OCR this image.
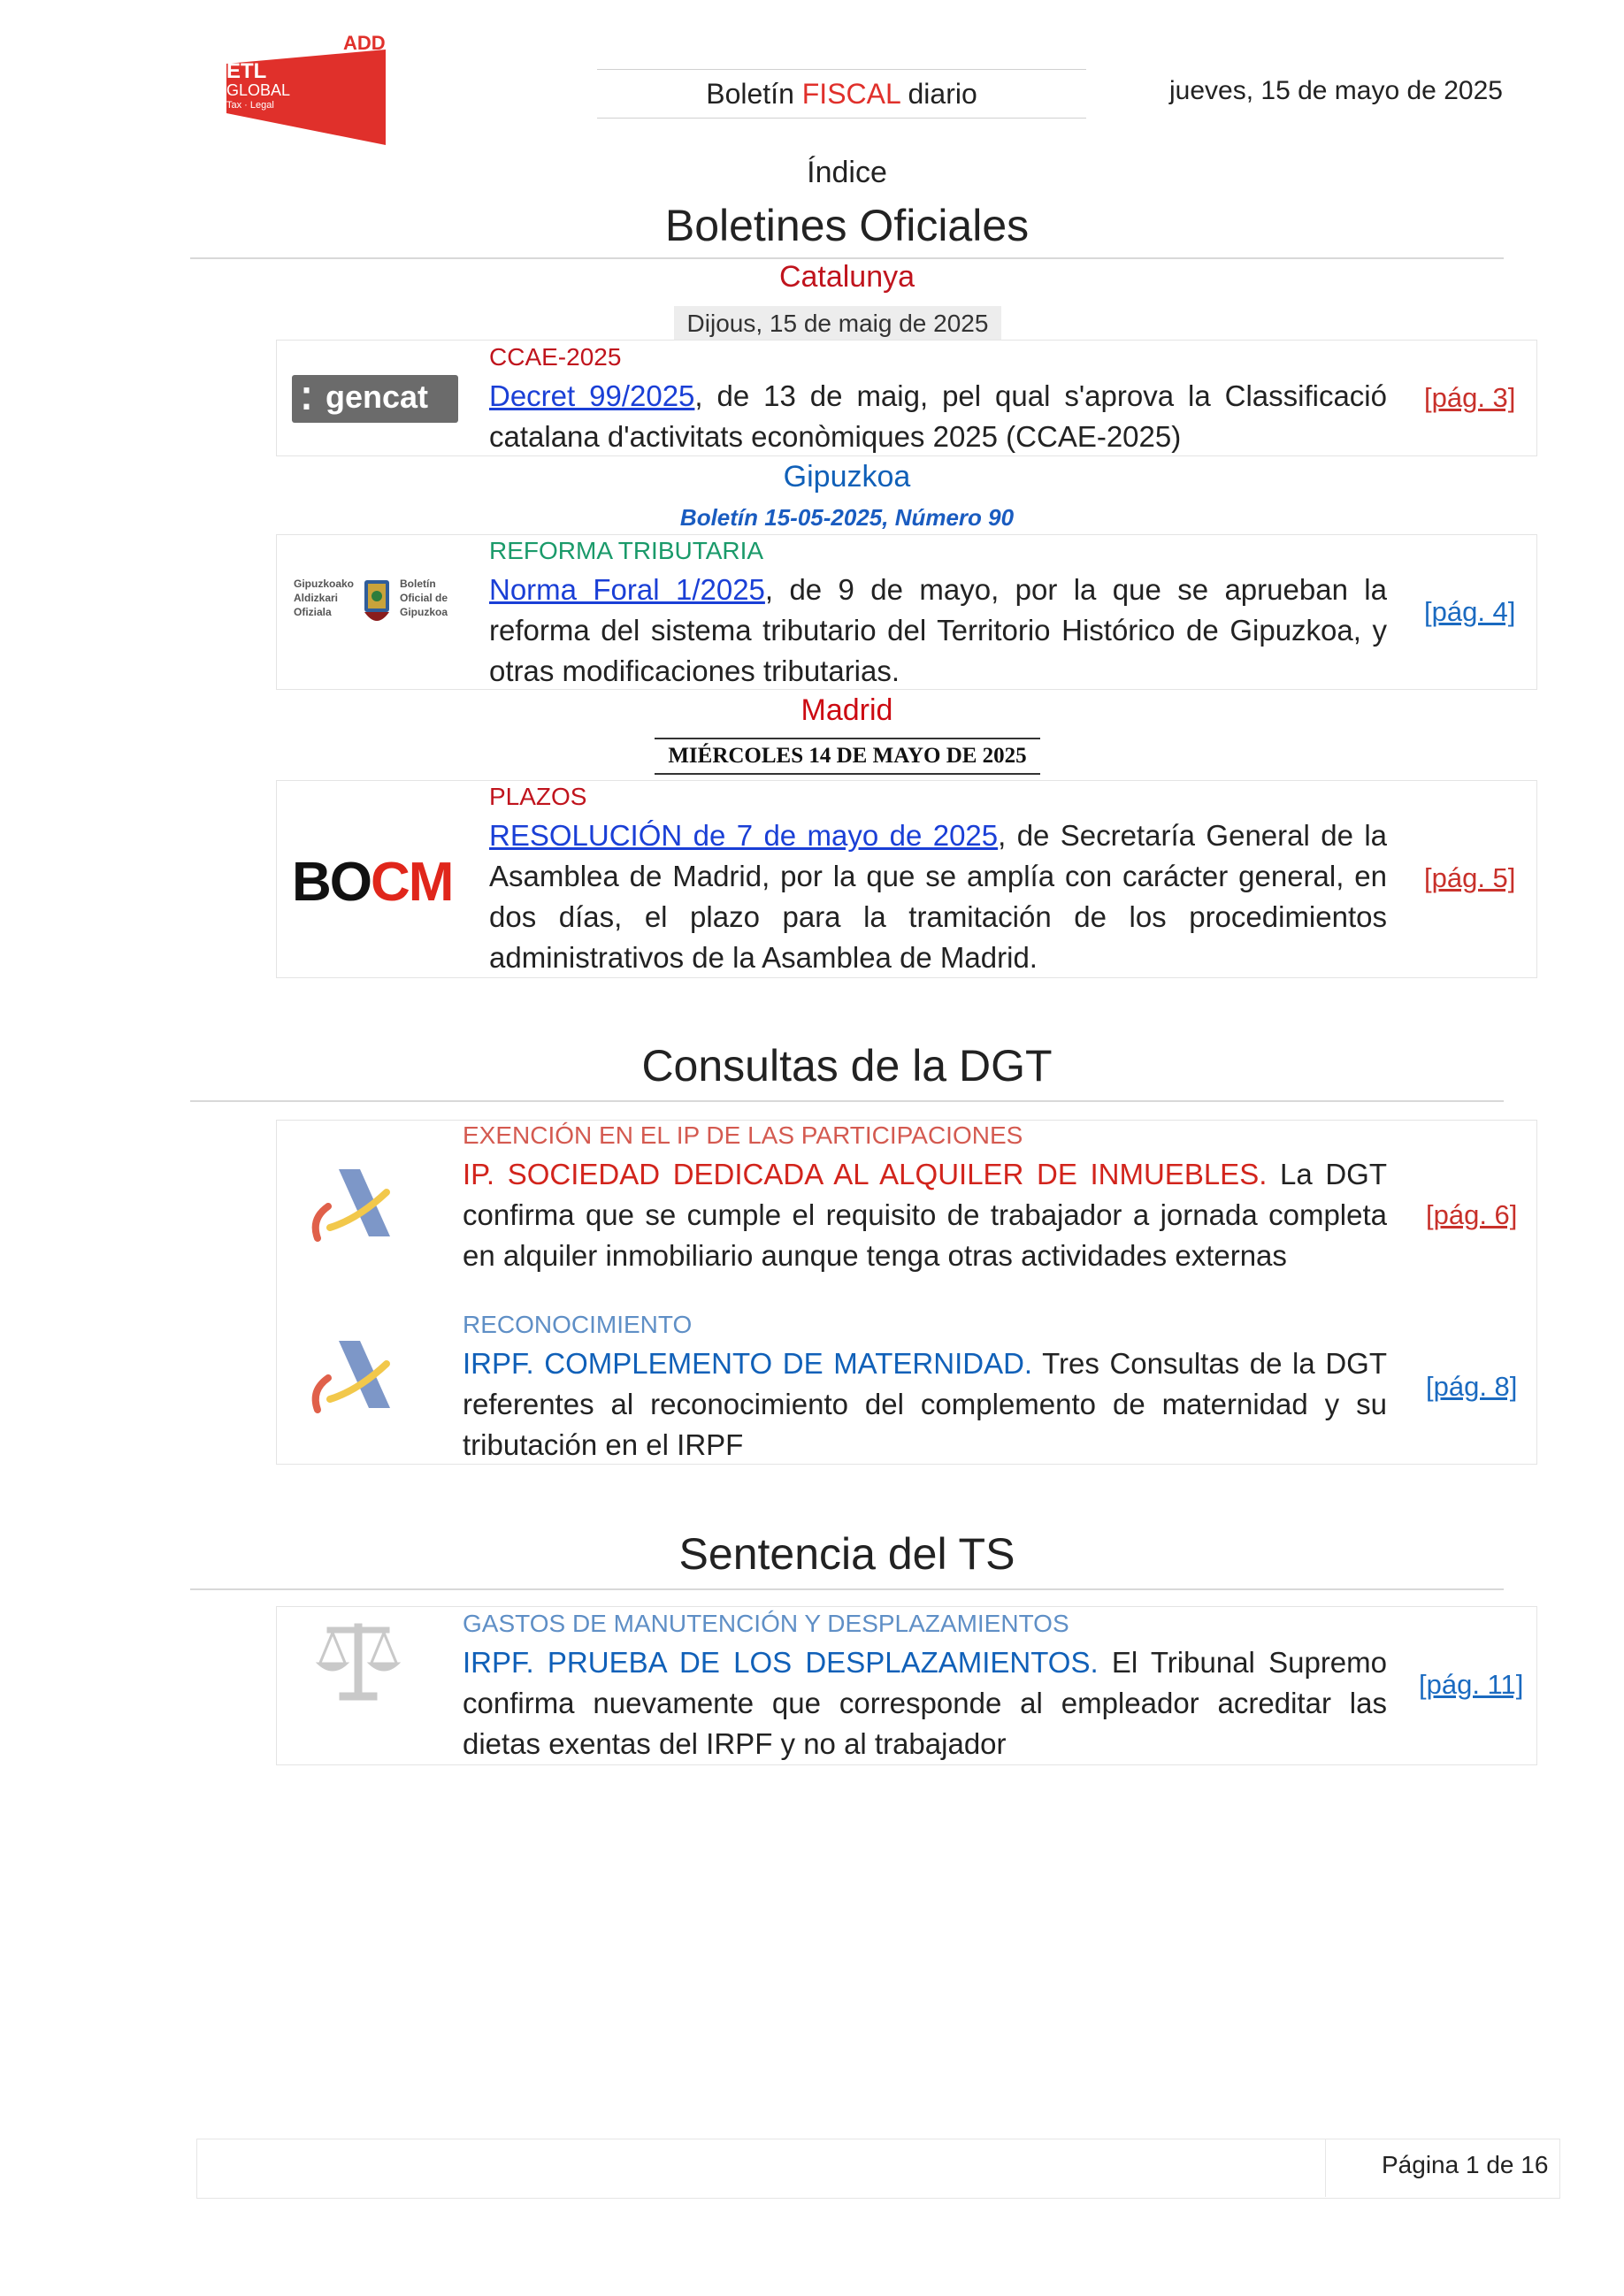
ETL
GLOBAL
Tax · Legal
ADD
Boletín FISCAL diario	jueves, 15 de mayo de 2025
Índice
Boletines Oficiales
Catalunya
Dijous, 15 de maig de 2025
⁚ gencat
CCAE-2025
Decret 99/2025, de 13 de maig, pel qual s'aprova la Classificació catalana d'activitats econòmiques 2025 (CCAE-2025)
[pág. 3]
Gipuzkoa
Boletín 15-05-2025, Número 90
Gipuzkoako Aldizkari Ofiziala
Boletín Oficial de Gipuzkoa
REFORMA TRIBUTARIA
Norma Foral 1/2025, de 9 de mayo, por la que se aprueban la reforma del sistema tributario del Territorio Histórico de Gipuzkoa, y otras modificaciones tributarias.
[pág. 4]
Madrid
MIÉRCOLES 14 DE MAYO DE 2025
BOCM
PLAZOS
RESOLUCIÓN de 7 de mayo de 2025, de Secretaría General de la Asamblea de Madrid, por la que se amplía con carácter general, en dos días, el plazo para la tramitación de los procedimientos administrativos de la Asamblea de Madrid.
[pág. 5]
Consultas de la DGT
EXENCIÓN EN EL IP DE LAS PARTICIPACIONES
IP. SOCIEDAD DEDICADA AL ALQUILER DE INMUEBLES. La DGT confirma que se cumple el requisito de trabajador a jornada completa en alquiler inmobiliario aunque tenga otras actividades externas
[pág. 6]
RECONOCIMIENTO
IRPF. COMPLEMENTO DE MATERNIDAD. Tres Consultas de la DGT referentes al reconocimiento del complemento de maternidad y su tributación en el IRPF
[pág. 8]
Sentencia del TS
GASTOS DE MANUTENCIÓN Y DESPLAZAMIENTOS
IRPF. PRUEBA DE LOS DESPLAZAMIENTOS. El Tribunal Supremo confirma nuevamente que corresponde al empleador acreditar las dietas exentas del IRPF y no al trabajador
[pág. 11]
Página 1 de 16
